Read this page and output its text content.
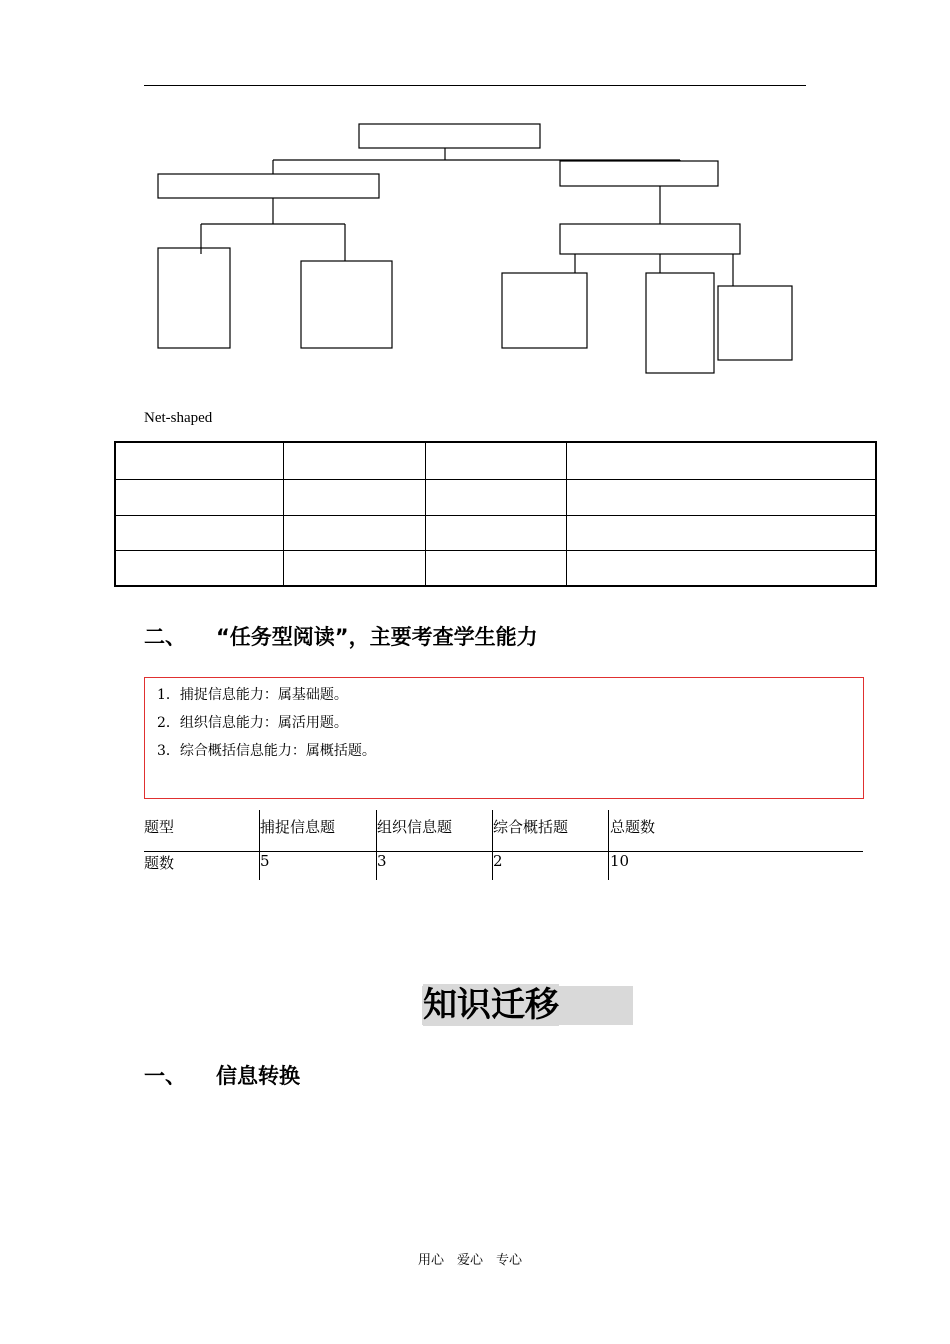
Net-shaped
二、 “任务型阅读”，主要考查学生能力
1．捕捉信息能力：属基础题。
2．组织信息能力：属活用题。
3．综合概括信息能力：属概括题。
题型	捕捉信息题	组织信息题	综合概括题	总题数
题数	5	3	2	10
知识迁移
一、 信息转换
用心　爱心　专心
